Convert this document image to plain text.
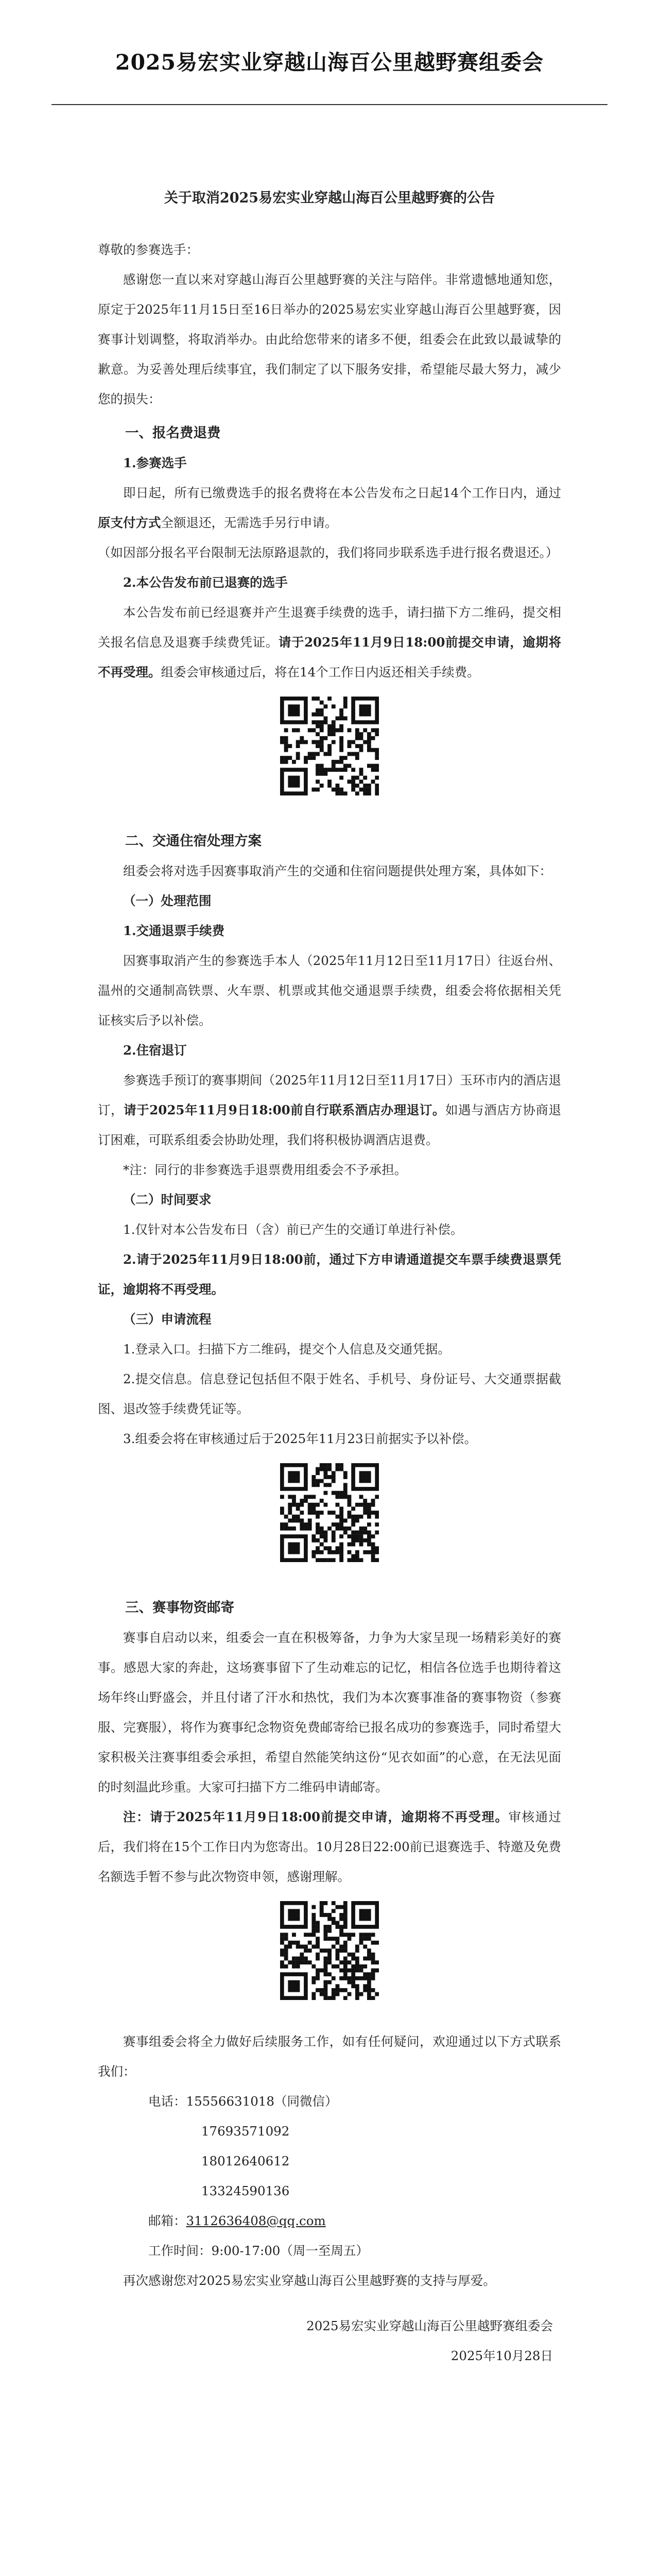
2025易宏实业穿越山海百公里越野赛组委会

关于取消2025易宏实业穿越山海百公里越野赛的公告

尊敬的参赛选手：

感谢您一直以来对穿越山海百公里越野赛的关注与陪伴。非常遗憾地通知您，原定于2025年11月15日至16日举办的2025易宏实业穿越山海百公里越野赛，因赛事计划调整，将取消举办。由此给您带来的诸多不便，组委会在此致以最诚挚的歉意。为妥善处理后续事宜，我们制定了以下服务安排，希望能尽最大努力，减少您的损失：

一、报名费退费

1.参赛选手

即日起，所有已缴费选手的报名费将在本公告发布之日起14个工作日内，通过原支付方式全额退还，无需选手另行申请。

（如因部分报名平台限制无法原路退款的，我们将同步联系选手进行报名费退还。）

2.本公告发布前已退赛的选手

本公告发布前已经退赛并产生退赛手续费的选手，请扫描下方二维码，提交相关报名信息及退赛手续费凭证。请于2025年11月9日18:00前提交申请，逾期将不再受理。组委会审核通过后，将在14个工作日内返还相关手续费。

二、交通住宿处理方案

组委会将对选手因赛事取消产生的交通和住宿问题提供处理方案，具体如下：

（一）处理范围

1.交通退票手续费

因赛事取消产生的参赛选手本人（2025年11月12日至11月17日）往返台州、温州的交通制高铁票、火车票、机票或其他交通退票手续费，组委会将依据相关凭证核实后予以补偿。

2.住宿退订

参赛选手预订的赛事期间（2025年11月12日至11月17日）玉环市内的酒店退订，请于2025年11月9日18:00前自行联系酒店办理退订。如遇与酒店方协商退订困难，可联系组委会协助处理，我们将积极协调酒店退费。

*注：同行的非参赛选手退票费用组委会不予承担。

（二）时间要求

1.仅针对本公告发布日（含）前已产生的交通订单进行补偿。

2.请于2025年11月9日18:00前，通过下方申请通道提交车票手续费退票凭证，逾期将不再受理。

（三）申请流程

1.登录入口。扫描下方二维码，提交个人信息及交通凭据。

2.提交信息。信息登记包括但不限于姓名、手机号、身份证号、大交通票据截图、退改签手续费凭证等。

3.组委会将在审核通过后于2025年11月23日前据实予以补偿。

三、赛事物资邮寄

赛事自启动以来，组委会一直在积极筹备，力争为大家呈现一场精彩美好的赛事。感恩大家的奔赴，这场赛事留下了生动难忘的记忆，相信各位选手也期待着这场年终山野盛会，并且付诸了汗水和热忱，我们为本次赛事准备的赛事物资（参赛服、完赛服），将作为赛事纪念物资免费邮寄给已报名成功的参赛选手，同时希望大家积极关注赛事组委会承担，希望自然能笑纳这份“见衣如面”的心意，在无法见面的时刻温此珍重。大家可扫描下方二维码申请邮寄。

注：请于2025年11月9日18:00前提交申请，逾期将不再受理。审核通过后，我们将在15个工作日内为您寄出。10月28日22:00前已退赛选手、特邀及免费名额选手暂不参与此次物资申领，感谢理解。

赛事组委会将全力做好后续服务工作，如有任何疑问，欢迎通过以下方式联系我们：

电话：15556631018（同微信）

17693571092

18012640612

13324590136

邮箱：3112636408@qq.com

工作时间：9:00-17:00（周一至周五）

再次感谢您对2025易宏实业穿越山海百公里越野赛的支持与厚爱。

2025易宏实业穿越山海百公里越野赛组委会

2025年10月28日
